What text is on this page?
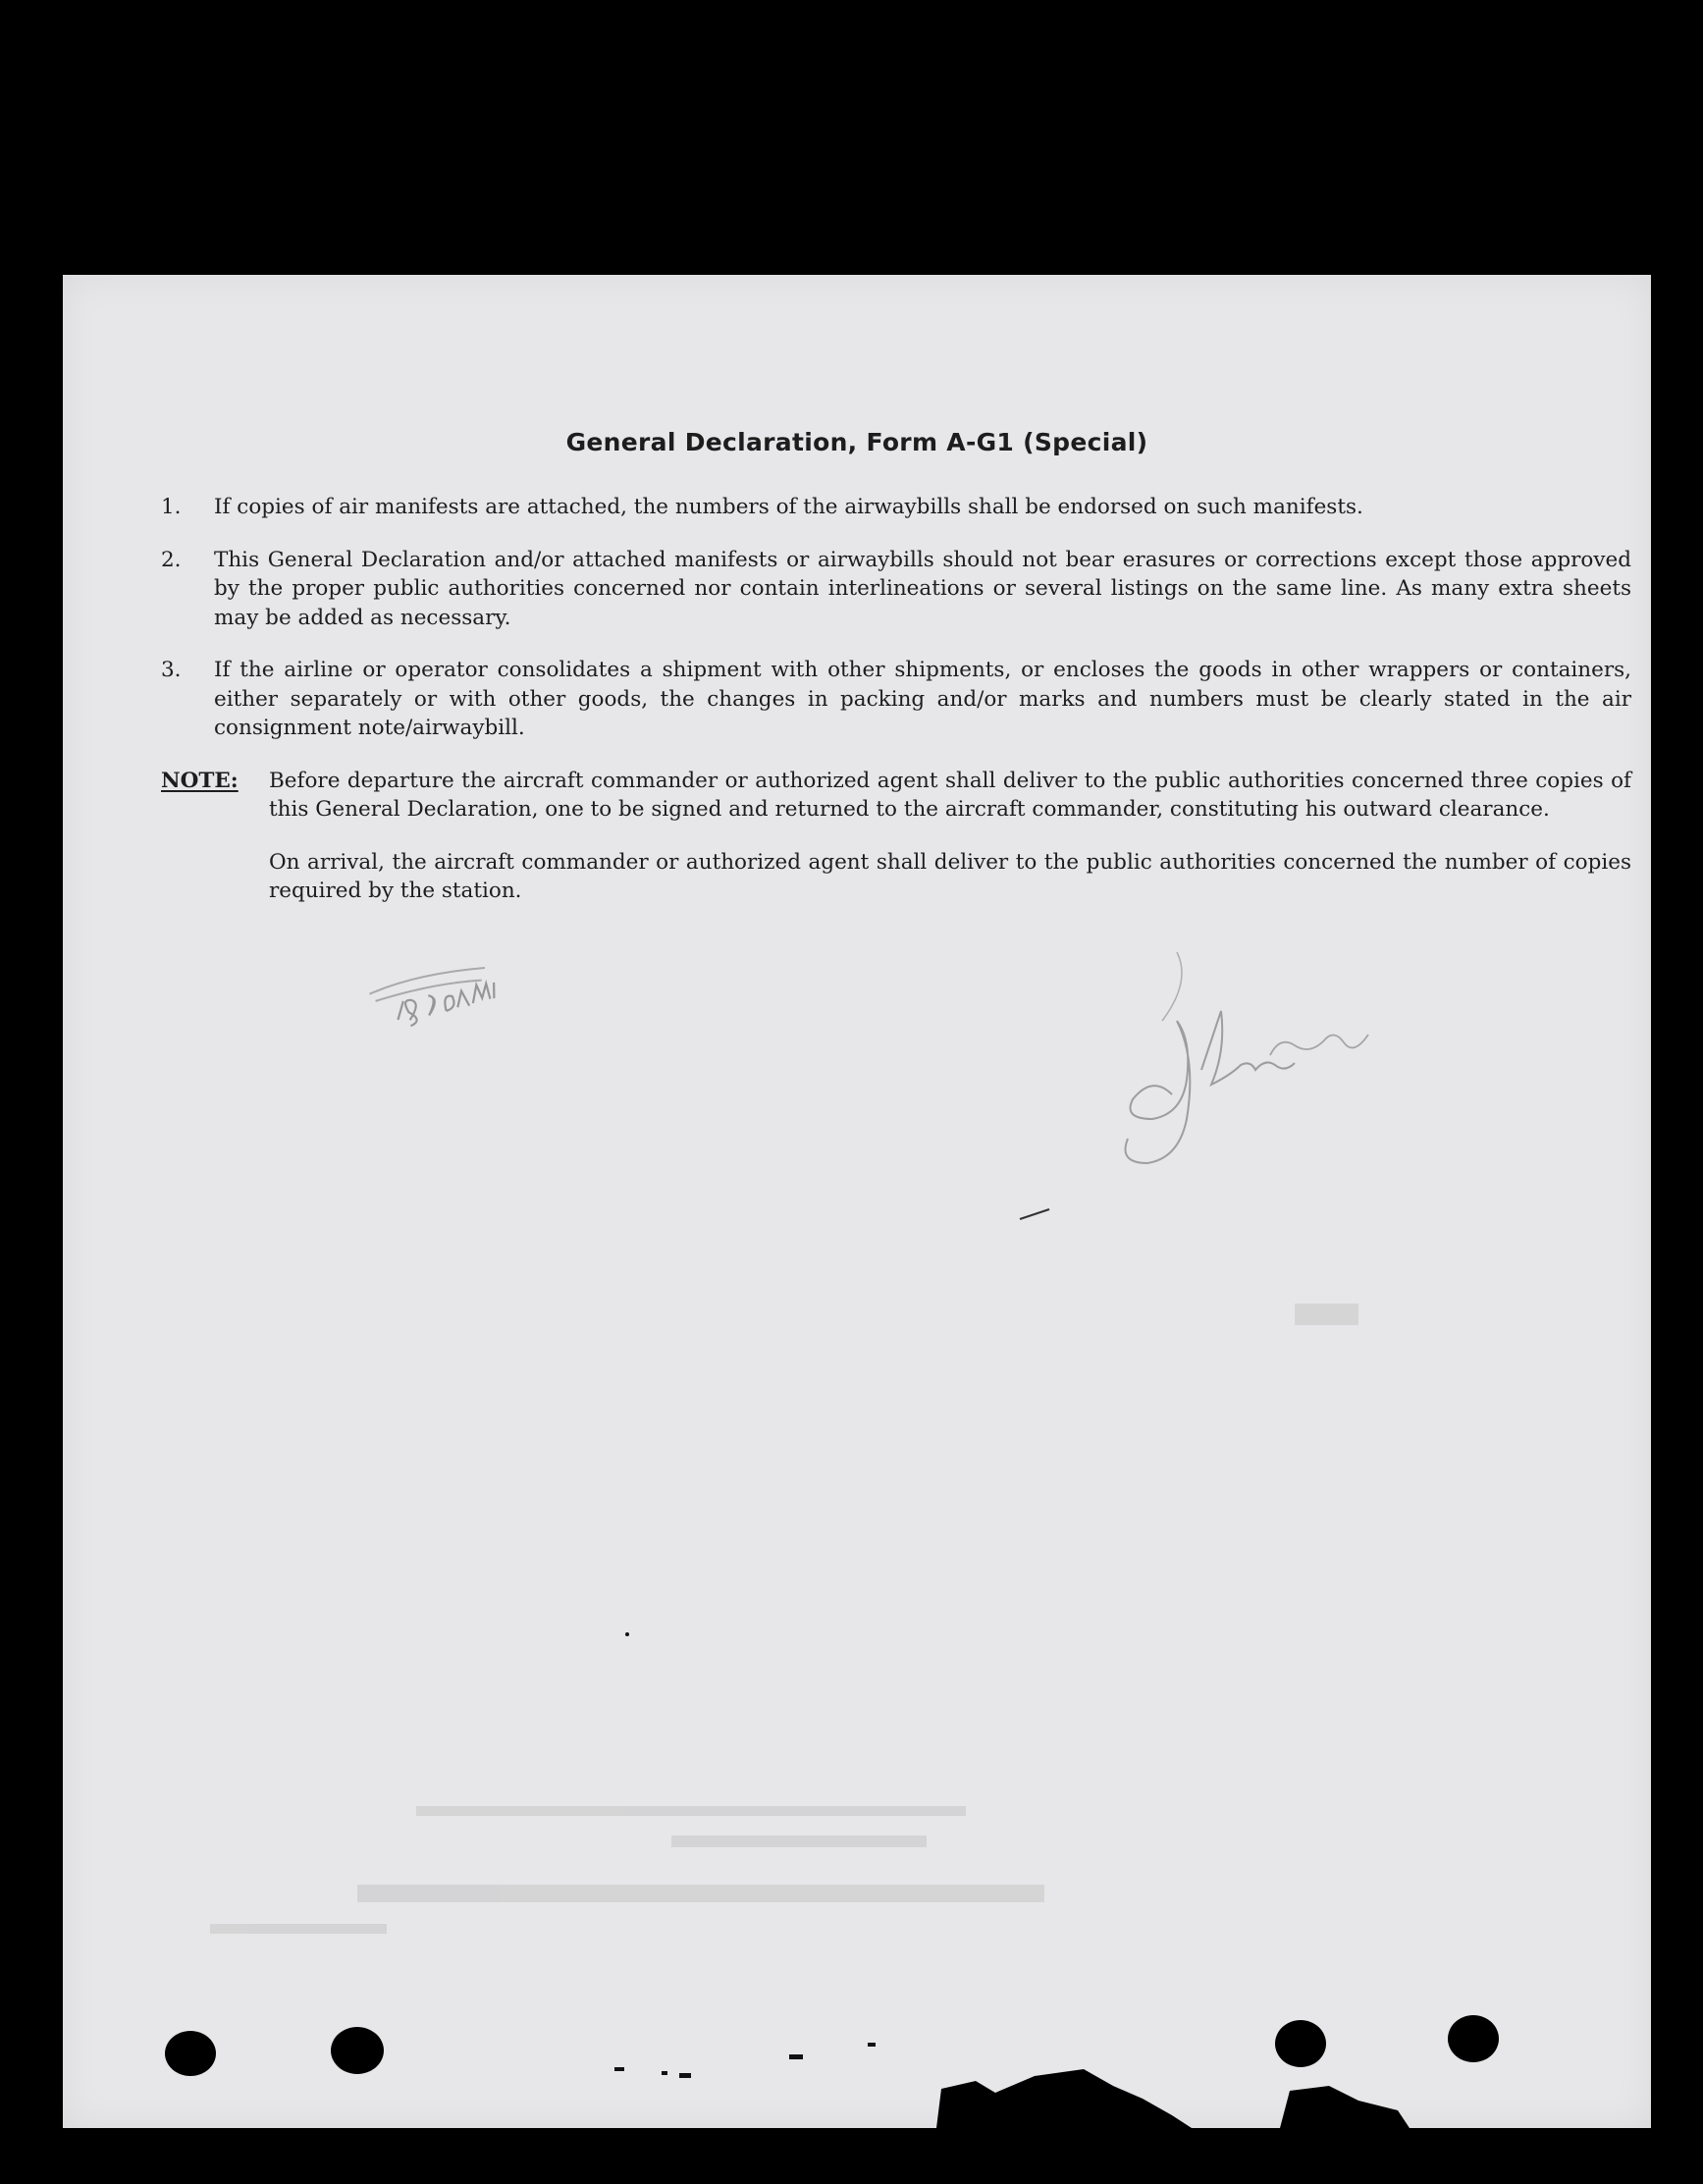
General Declaration, Form A-G1 (Special)
1.	If copies of air manifests are attached, the numbers of the airwaybills shall be endorsed on such manifests.
2.	This General Declaration and/or attached manifests or airwaybills should not bear erasures or corrections except those approved by the proper public authorities concerned nor contain interlineations or several listings on the same line. As many extra sheets may be added as necessary.
3.	If the airline or operator consolidates a shipment with other shipments, or encloses the goods in other wrappers or containers, either separately or with other goods, the changes in packing and/or marks and numbers must be clearly stated in the air consignment note/airwaybill.
NOTE:	Before departure the aircraft commander or authorized agent shall deliver to the public authorities concerned three copies of this General Declaration, one to be signed and returned to the aircraft commander, constituting his outward clearance.

On arrival, the aircraft commander or authorized agent shall deliver to the public authorities concerned the number of copies required by the station.
